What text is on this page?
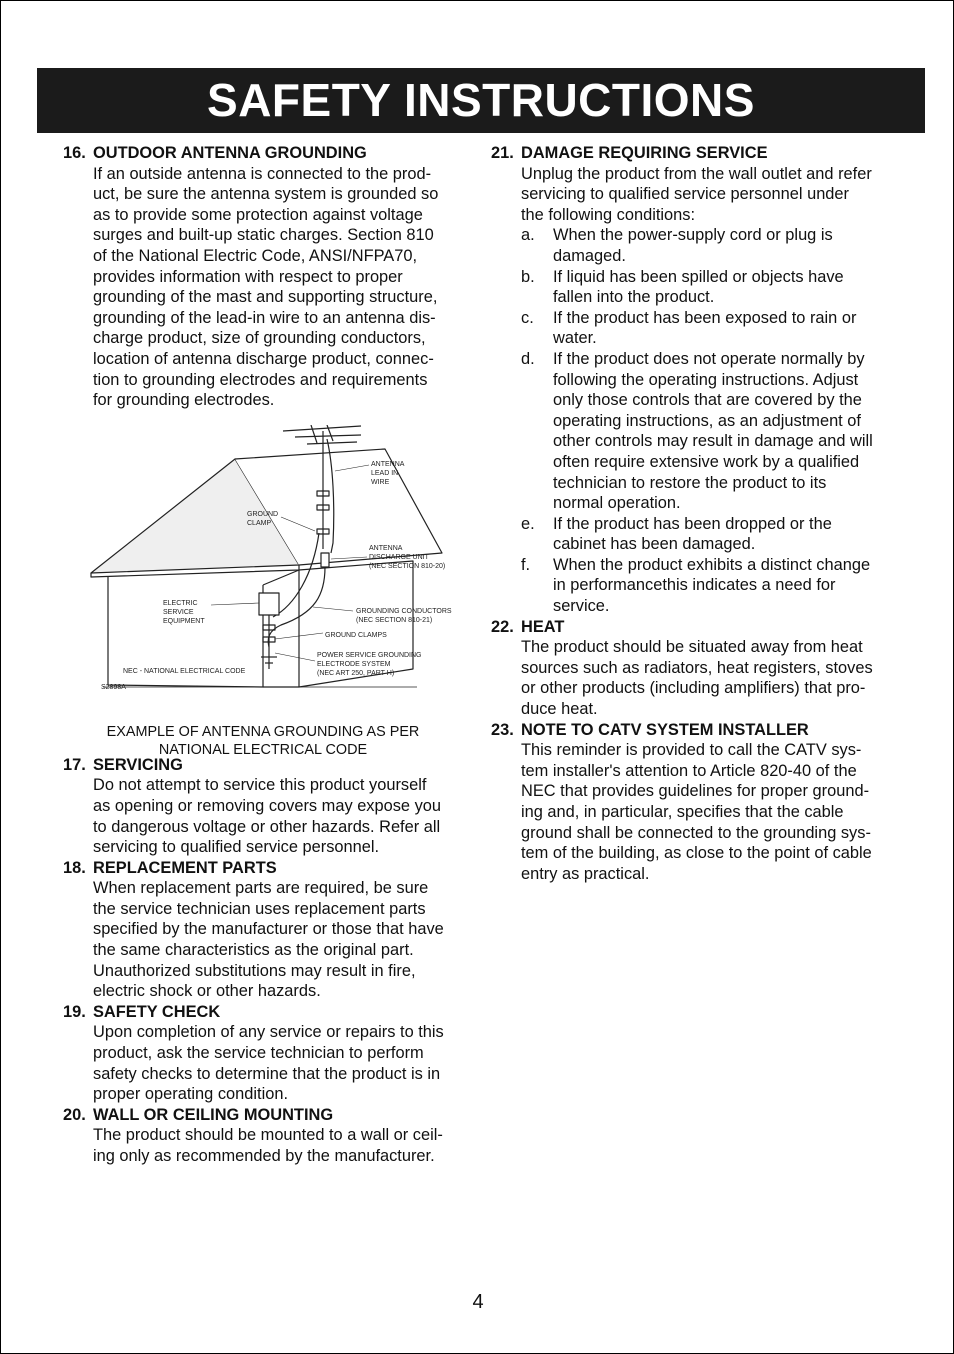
SAFETY INSTRUCTIONS
16. OUTDOOR ANTENNA GROUNDING
If an outside antenna is connected to the prod-
uct, be sure the antenna system is grounded so
as to provide some protection against voltage
surges and built-up static charges. Section 810
of the National Electric Code, ANSI/NFPA70,
provides information with respect to proper
grounding of the mast and supporting structure,
grounding of the lead-in wire to an antenna dis-
charge product, size of grounding conductors,
location of antenna discharge product, connec-
tion to grounding electrodes and requirements
for grounding electrodes.
ANTENNA LEAD IN WIRE
GROUND CLAMP
ANTENNA DISCHARGE UNIT (NEC SECTION 810-20)
ELECTRIC SERVICE EQUIPMENT
GROUNDING CONDUCTORS (NEC SECTION 810-21)
GROUND CLAMPS
POWER SERVICE GROUNDING ELECTRODE SYSTEM (NEC ART 250, PART H)
NEC - NATIONAL ELECTRICAL CODE
S2898A
EXAMPLE OF ANTENNA GROUNDING AS PER
NATIONAL ELECTRICAL CODE
17. SERVICING
Do not attempt to service this product yourself
as opening or removing covers may expose you
to dangerous voltage or other hazards. Refer all
servicing to qualified service personnel.
18. REPLACEMENT PARTS
When replacement parts are required, be sure
the service technician uses replacement parts
specified by the manufacturer or those that have
the same characteristics as the original part.
Unauthorized substitutions may result in fire,
electric shock or other hazards.
19. SAFETY CHECK
Upon completion of any service or repairs to this
product, ask the service technician to perform
safety checks to determine that the product is in
proper operating condition.
20. WALL OR CEILING MOUNTING
The product should be mounted to a wall or ceil-
ing only as recommended by the manufacturer.
21. DAMAGE REQUIRING SERVICE
Unplug the product from the wall outlet and refer
servicing to qualified service personnel under
the following conditions:
a.	When the power-supply cord or plug is
damaged.
b.	If liquid has been spilled or objects have
fallen into the product.
c.	If the product has been exposed to rain or
water.
d.	If the product does not operate normally by
following the operating instructions. Adjust
only those controls that are covered by the
operating instructions, as an adjustment of
other controls may result in damage and will
often require extensive work by a qualified
technician to restore the product to its
normal operation.
e.	If the product has been dropped or the
cabinet has been damaged.
f.	When the product exhibits a distinct change
in performancethis indicates a need for
service.
22. HEAT
The product should be situated away from heat
sources such as radiators, heat registers, stoves
or other products (including amplifiers) that pro-
duce heat.
23. NOTE TO CATV SYSTEM INSTALLER
This reminder is provided to call the CATV sys-
tem installer's attention to Article 820-40 of the
NEC that provides guidelines for proper ground-
ing and, in particular, specifies that the cable
ground shall be connected to the grounding sys-
tem of the building, as close to the point of cable
entry as practical.
4
